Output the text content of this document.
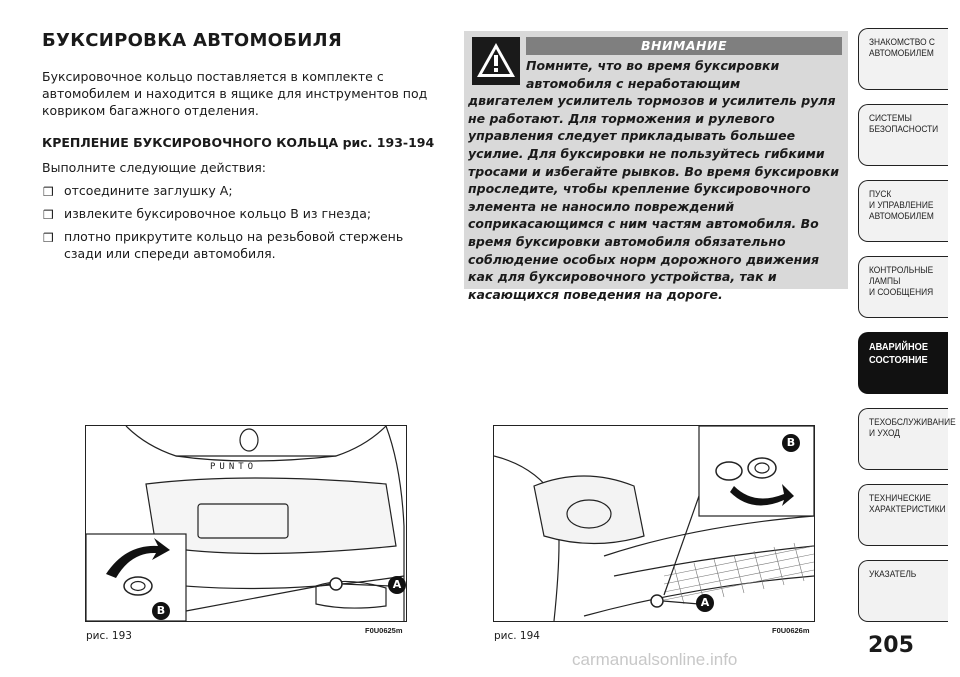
БУКСИРОВКА АВТОМОБИЛЯ
Буксировочное кольцо поставляется в комплекте с автомобилем и находится в ящике для инструментов под ковриком багажного отделения.
КРЕПЛЕНИЕ БУКСИРОВОЧНОГО КОЛЬЦА рис. 193-194
Выполните следующие действия:
❒ отсоедините заглушку А;
❒ извлеките буксировочное кольцо В из гнезда;
❒ плотно прикрутите кольцо на резьбовой стержень сзади или спереди автомобиля.
ВНИМАНИЕ
Помните, что во время буксировки автомобиля с неработающим
двигателем усилитель тормозов и усилитель руля не работают. Для торможения и рулевого управления следует прикладывать большее усилие. Для буксировки не пользуйтесь гибкими тросами и избегайте рывков. Во время буксировки проследите, чтобы крепление буксировочного элемента не наносило повреждений соприкасающимся с ним частям автомобиля. Во время буксировки автомобиля обязательно соблюдение особых норм дорожного движения как для буксировочного устройства, так и касающихся поведения на дороге.
ЗНАКОМСТВО С
АВТОМОБИЛЕМ
СИСТЕМЫ
БЕЗОПАСНОСТИ
ПУСК
И УПРАВЛЕНИЕ
АВТОМОБИЛЕМ
КОНТРОЛЬНЫЕ
ЛАМПЫ
И СООБЩЕНИЯ
АВАРИЙНОЕ
СОСТОЯНИЕ
ТЕХОБСЛУЖИВАНИЕ
И УХОД
ТЕХНИЧЕСКИЕ
ХАРАКТЕРИСТИКИ
УКАЗАТЕЛЬ
PUNTO
A
B
рис. 193	F0U0625m
B
A
рис. 194	F0U0626m
205
carmanualsonline.info
